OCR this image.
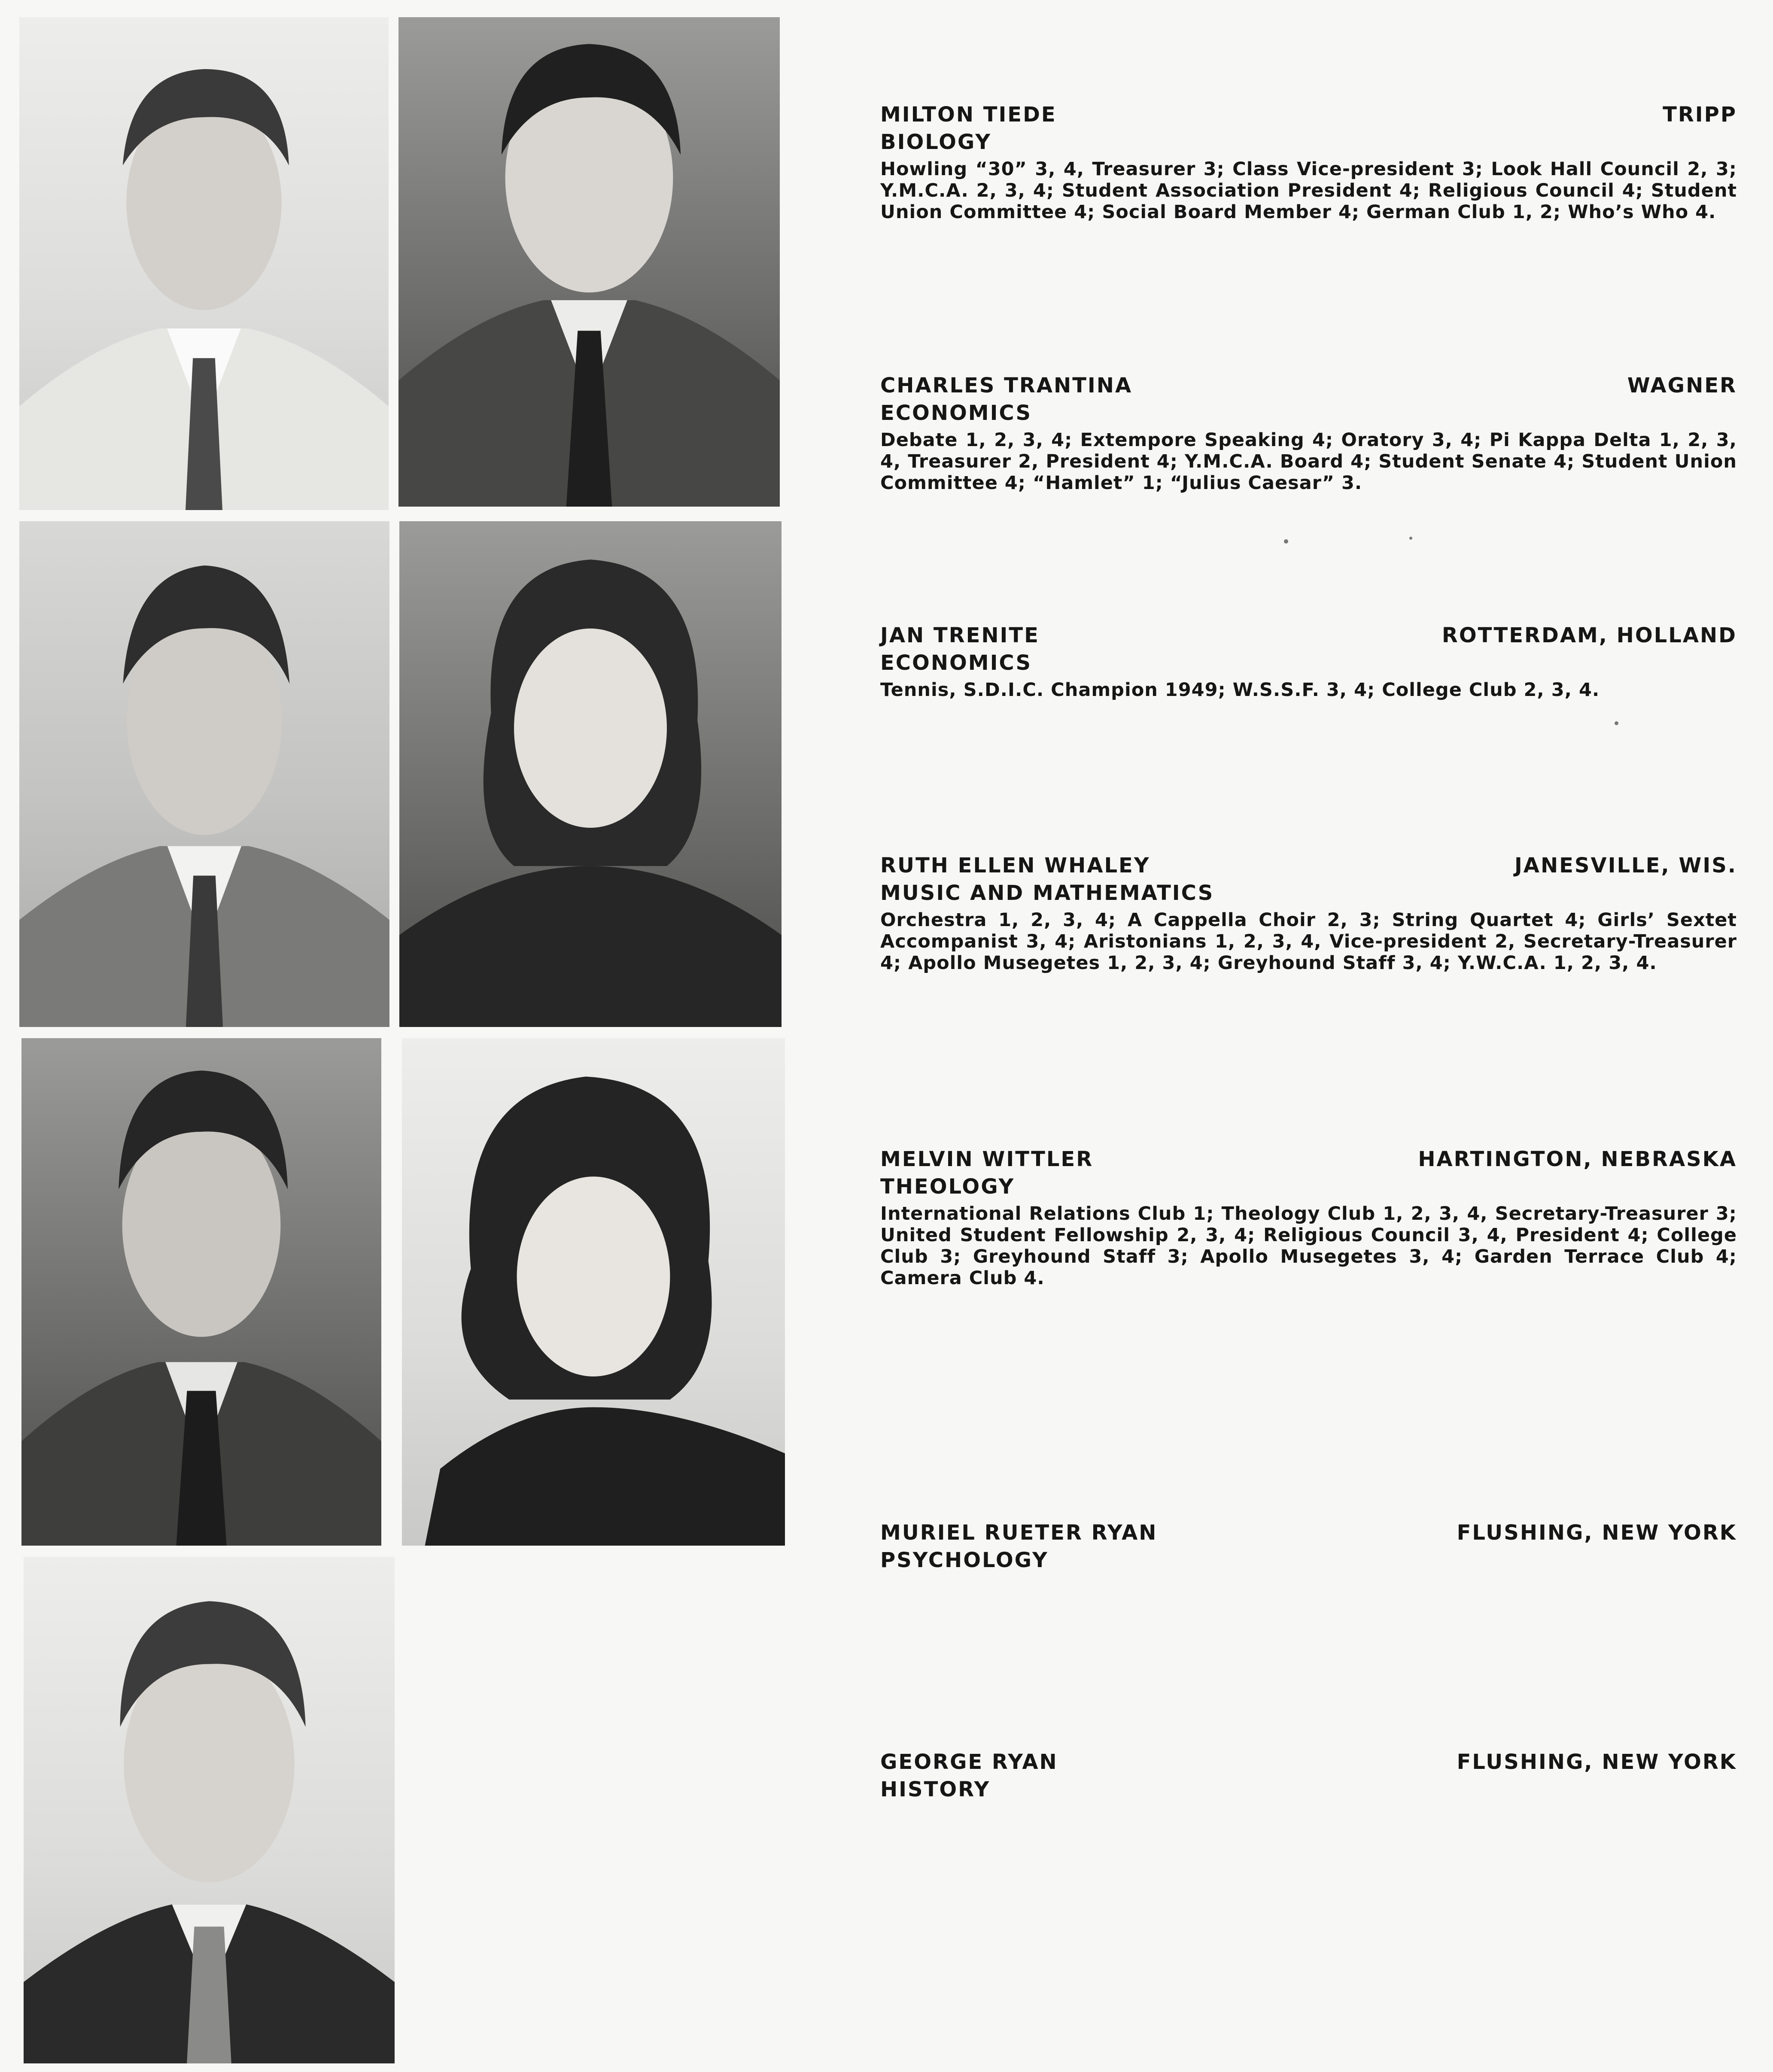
MILTON TIEDE	TRIPP
BIOLOGY
Howling “30” 3, 4, Treasurer 3; Class Vice-president 3; Look Hall Council 2, 3; Y.M.C.A. 2, 3, 4; Student Association President 4; Religious Council 4; Student Union Committee 4; Social Board Member 4; German Club 1, 2; Who’s Who 4.
CHARLES TRANTINA	WAGNER
ECONOMICS
Debate 1, 2, 3, 4; Extempore Speaking 4; Oratory 3, 4; Pi Kappa Delta 1, 2, 3, 4, Treasurer 2, President 4; Y.M.C.A. Board 4; Student Senate 4; Student Union Committee 4; “Hamlet” 1; “Julius Caesar” 3.
JAN TRENITE	ROTTERDAM, HOLLAND
ECONOMICS
Tennis, S.D.I.C. Champion 1949; W.S.S.F. 3, 4; College Club 2, 3, 4.
RUTH ELLEN WHALEY	JANESVILLE, WIS.
MUSIC AND MATHEMATICS
Orchestra 1, 2, 3, 4; A Cappella Choir 2, 3; String Quartet 4; Girls’ Sextet Accompanist 3, 4; Aristonians 1, 2, 3, 4, Vice-president 2, Secretary-Treasurer 4; Apollo Musegetes 1, 2, 3, 4; Greyhound Staff 3, 4; Y.W.C.A. 1, 2, 3, 4.
MELVIN WITTLER	HARTINGTON, NEBRASKA
THEOLOGY
International Relations Club 1; Theology Club 1, 2, 3, 4, Secretary-Treasurer 3; United Student Fellowship 2, 3, 4; Religious Council 3, 4, President 4; College Club 3; Greyhound Staff 3; Apollo Musegetes 3, 4; Garden Terrace Club 4; Camera Club 4.
MURIEL RUETER RYAN	FLUSHING, NEW YORK
PSYCHOLOGY
GEORGE RYAN	FLUSHING, NEW YORK
HISTORY
